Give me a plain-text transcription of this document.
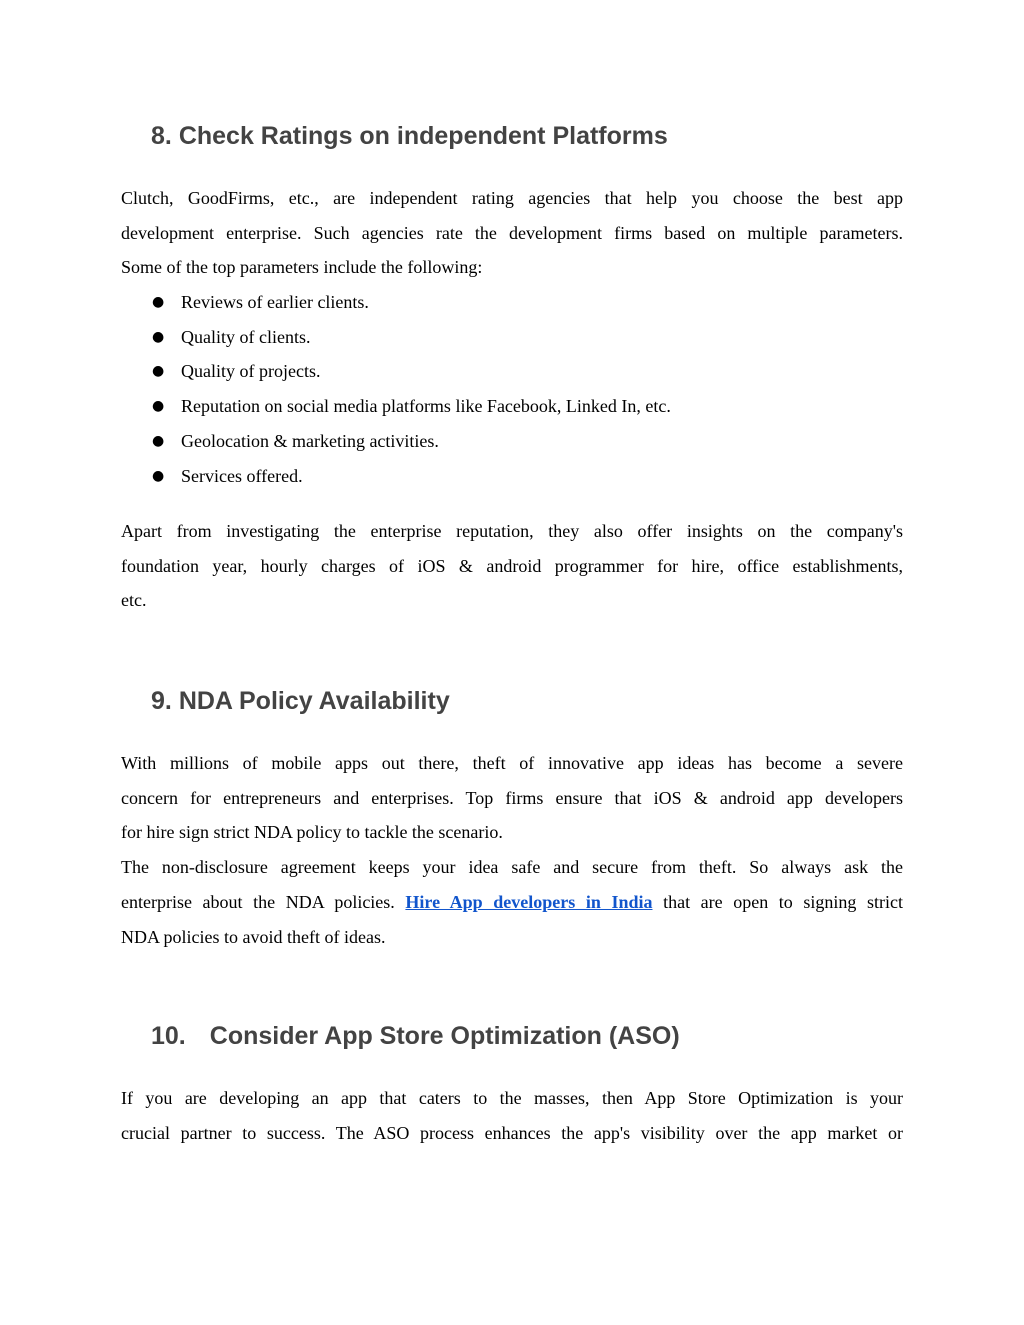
8. Check Ratings on independent Platforms
Clutch, GoodFirms, etc., are independent rating agencies that help you choose the best app
development enterprise. Such agencies rate the development firms based on multiple parameters.
Some of the top parameters include the following:
● Reviews of earlier clients.
● Quality of clients.
● Quality of projects.
● Reputation on social media platforms like Facebook, Linked In, etc.
● Geolocation & marketing activities.
● Services offered.
Apart from investigating the enterprise reputation, they also offer insights on the company's
foundation year, hourly charges of iOS & android programmer for hire, office establishments,
etc.
9. NDA Policy Availability
With millions of mobile apps out there, theft of innovative app ideas has become a severe
concern for entrepreneurs and enterprises. Top firms ensure that iOS & android app developers
for hire sign strict NDA policy to tackle the scenario.
The non-disclosure agreement keeps your idea safe and secure from theft. So always ask the
enterprise about the NDA policies. Hire App developers in India that are open to signing strict
NDA policies to avoid theft of ideas.
10. Consider App Store Optimization (ASO)
If you are developing an app that caters to the masses, then App Store Optimization is your
crucial partner to success. The ASO process enhances the app's visibility over the app market or
